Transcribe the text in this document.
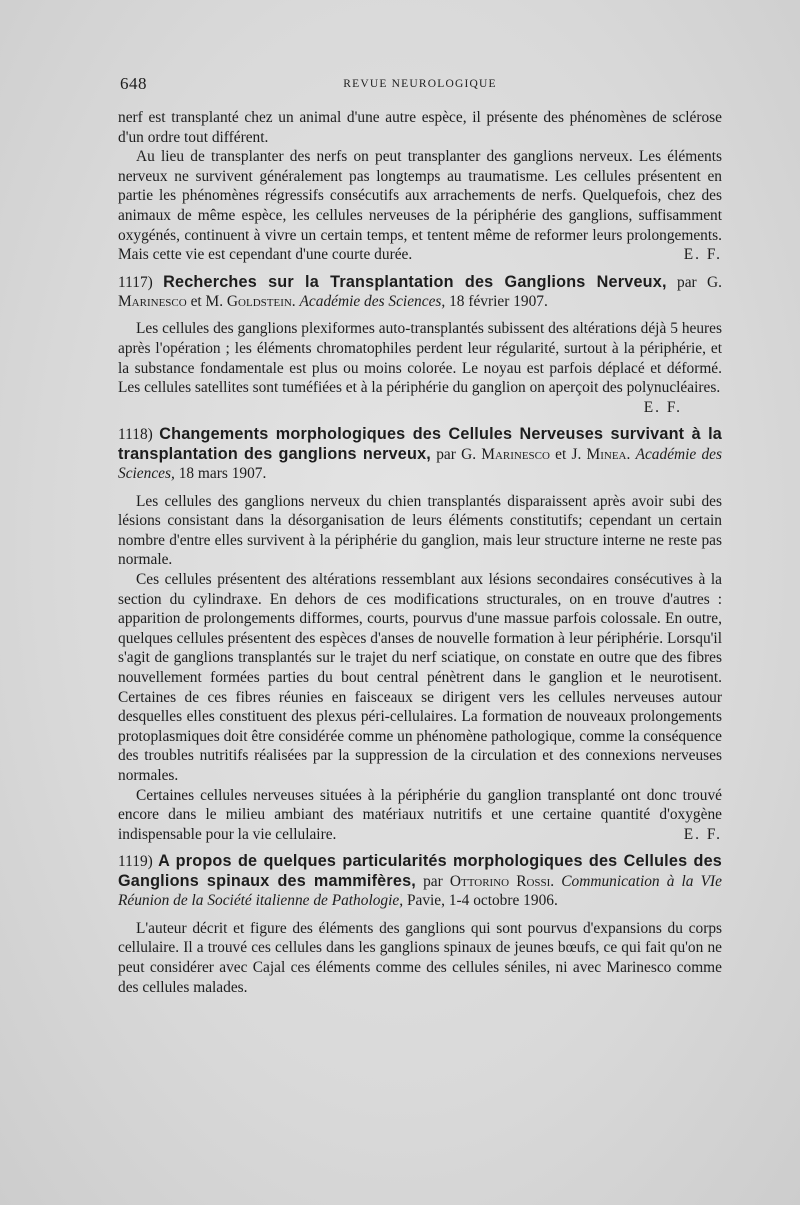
648	REVUE NEUROLOGIQUE

nerf est transplanté chez un animal d'une autre espèce, il présente des phénomènes de sclérose d'un ordre tout différent.

Au lieu de transplanter des nerfs on peut transplanter des ganglions nerveux. Les éléments nerveux ne survivent généralement pas longtemps au traumatisme. Les cellules présentent en partie les phénomènes régressifs consécutifs aux arrachements de nerfs. Quelquefois, chez des animaux de même espèce, les cellules nerveuses de la périphérie des ganglions, suffisamment oxygénés, continuent à vivre un certain temps, et tentent même de reformer leurs prolongements. Mais cette vie est cependant d'une courte durée.	E. F.

1117) Recherches sur la Transplantation des Ganglions Nerveux, par G. Marinesco et M. Goldstein. Académie des Sciences, 18 février 1907.

Les cellules des ganglions plexiformes auto-transplantés subissent des altérations déjà 5 heures après l'opération ; les éléments chromatophiles perdent leur régularité, surtout à la périphérie, et la substance fondamentale est plus ou moins colorée. Le noyau est parfois déplacé et déformé. Les cellules satellites sont tuméfiées et à la périphérie du ganglion on aperçoit des polynucléaires.

E. F.

1118) Changements morphologiques des Cellules Nerveuses survivant à la transplantation des ganglions nerveux, par G. Marinesco et J. Minea. Académie des Sciences, 18 mars 1907.

Les cellules des ganglions nerveux du chien transplantés disparaissent après avoir subi des lésions consistant dans la désorganisation de leurs éléments constitutifs; cependant un certain nombre d'entre elles survivent à la périphérie du ganglion, mais leur structure interne ne reste pas normale.

Ces cellules présentent des altérations ressemblant aux lésions secondaires consécutives à la section du cylindraxe. En dehors de ces modifications structurales, on en trouve d'autres : apparition de prolongements difformes, courts, pourvus d'une massue parfois colossale. En outre, quelques cellules présentent des espèces d'anses de nouvelle formation à leur périphérie. Lorsqu'il s'agit de ganglions transplantés sur le trajet du nerf sciatique, on constate en outre que des fibres nouvellement formées parties du bout central pénètrent dans le ganglion et le neurotisent. Certaines de ces fibres réunies en faisceaux se dirigent vers les cellules nerveuses autour desquelles elles constituent des plexus péri-cellulaires. La formation de nouveaux prolongements protoplasmiques doit être considérée comme un phénomène pathologique, comme la conséquence des troubles nutritifs réalisées par la suppression de la circulation et des connexions nerveuses normales.

Certaines cellules nerveuses situées à la périphérie du ganglion transplanté ont donc trouvé encore dans le milieu ambiant des matériaux nutritifs et une certaine quantité d'oxygène indispensable pour la vie cellulaire.	E. F.

1119) A propos de quelques particularités morphologiques des Cellules des Ganglions spinaux des mammifères, par Ottorino Rossi. Communication à la VIe Réunion de la Société italienne de Pathologie, Pavie, 1-4 octobre 1906.

L'auteur décrit et figure des éléments des ganglions qui sont pourvus d'expansions du corps cellulaire. Il a trouvé ces cellules dans les ganglions spinaux de jeunes bœufs, ce qui fait qu'on ne peut considérer avec Cajal ces éléments comme des cellules séniles, ni avec Marinesco comme des cellules malades.
